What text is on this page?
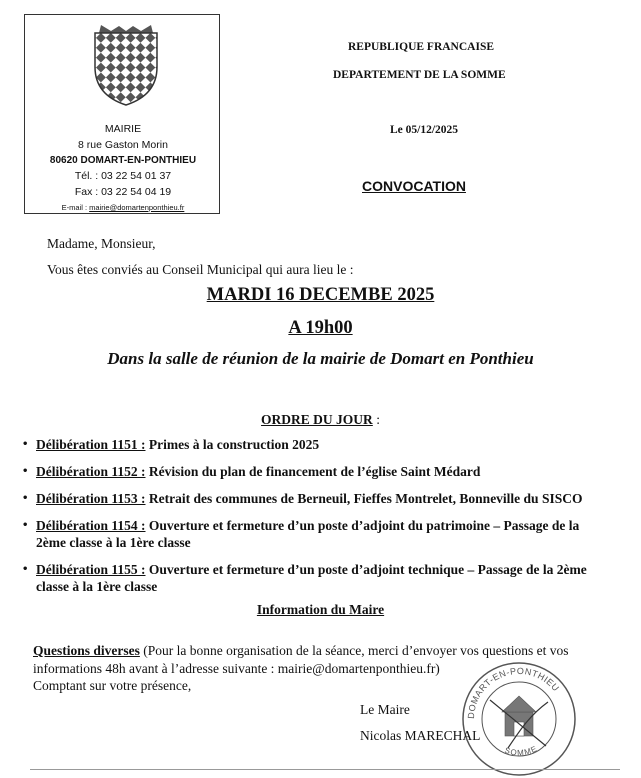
MAIRIE
8 rue Gaston Morin
80620 DOMART-EN-PONTHIEU
Tél. : 03 22 54 01 37
Fax : 03 22 54 04 19
E-mail : mairie@domartenponthieu.fr
REPUBLIQUE FRANCAISE
DEPARTEMENT DE LA SOMME
Le 05/12/2025
CONVOCATION
Madame, Monsieur,
Vous êtes conviés au Conseil Municipal qui aura lieu le :
MARDI 16 DECEMBE 2025
A 19h00
Dans la salle de réunion de la mairie de Domart en Ponthieu
ORDRE DU JOUR :
• Délibération 1151 : Primes à la construction 2025
• Délibération 1152 : Révision du plan de financement de l’église Saint Médard
• Délibération 1153 : Retrait des communes de Berneuil, Fieffes Montrelet, Bonneville du SISCO
• Délibération 1154 : Ouverture et fermeture d’un poste d’adjoint du patrimoine – Passage de la
2ème classe à la 1ère classe
• Délibération 1155 : Ouverture et fermeture d’un poste d’adjoint technique – Passage de la 2ème
classe à la 1ère classe
Information du Maire
Questions diverses (Pour la bonne organisation de la séance, merci d’envoyer vos questions et vos
informations 48h avant à l’adresse suivante : mairie@domartenponthieu.fr)
Comptant sur votre présence,
DOMART-EN-PONTHIEU
SOMME
Le Maire
Nicolas MARECHAL
